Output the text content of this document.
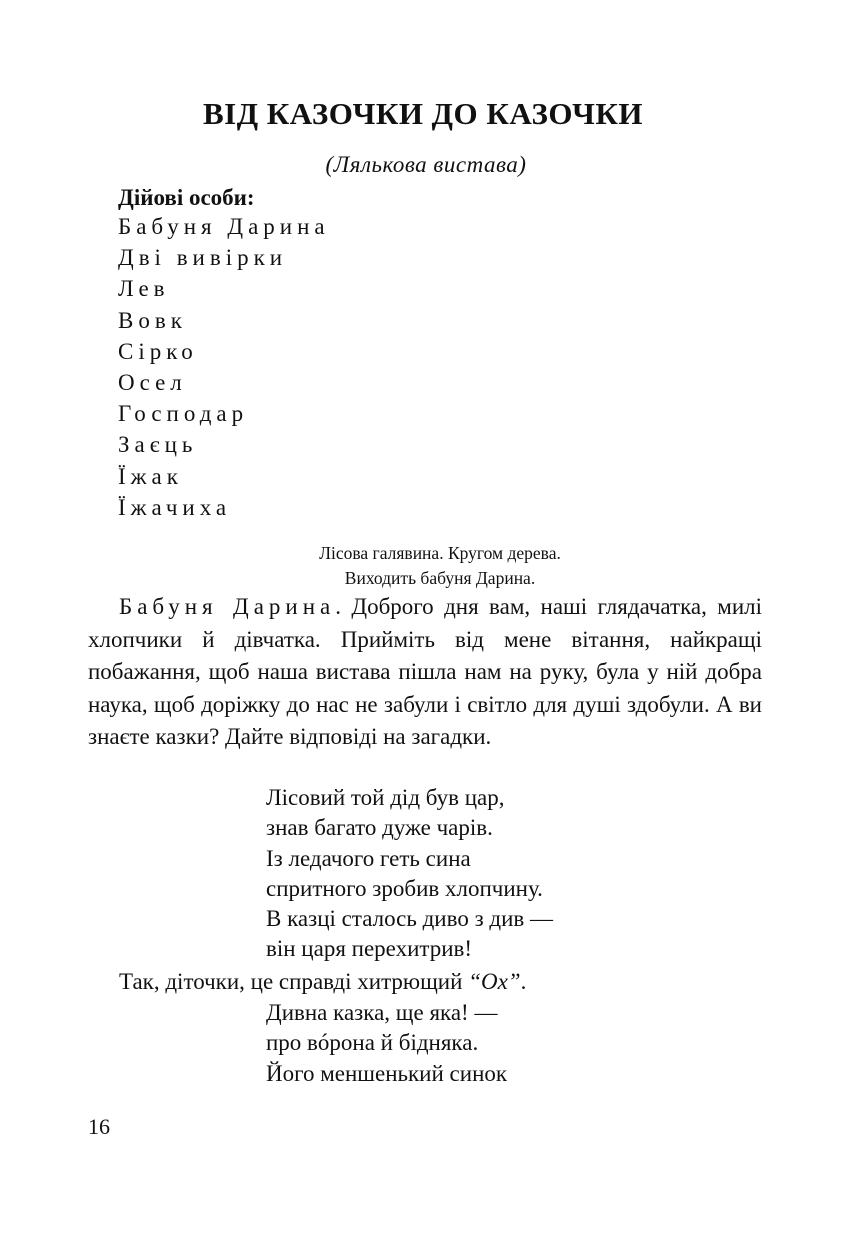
ВІД КАЗОЧКИ ДО КАЗОЧКИ
(Лялькова вистава)
Дійові особи:
Бабуня Дарина
Дві вивірки
Лев
Вовк
Сірко
Осел
Господар
Заєць
Їжак
Їжачиха
Лісова галявина. Кругом дерева.
Виходить бабуня Дарина.

Бабуня Дарина. Доброго дня вам, наші глядачатка, милі хлопчики й дівчатка. Прийміть від мене вітання, найкращі побажання, щоб наша вистава пішла нам на руку, була у ній добра наука, щоб доріжку до нас не забули і світло для душі здобули. А ви знаєте казки? Дайте відповіді на загадки.

Лісовий той дід був цар,
знав багато дуже чарів.
Із ледачого геть сина
спритного зробив хлопчину.
В казці сталось диво з див —
він царя перехитрив!
Так, діточки, це справді хитрющий “Ох”.
Дивна казка, ще яка! —
про вóрона й бідняка.
Його меншенький синок
16
